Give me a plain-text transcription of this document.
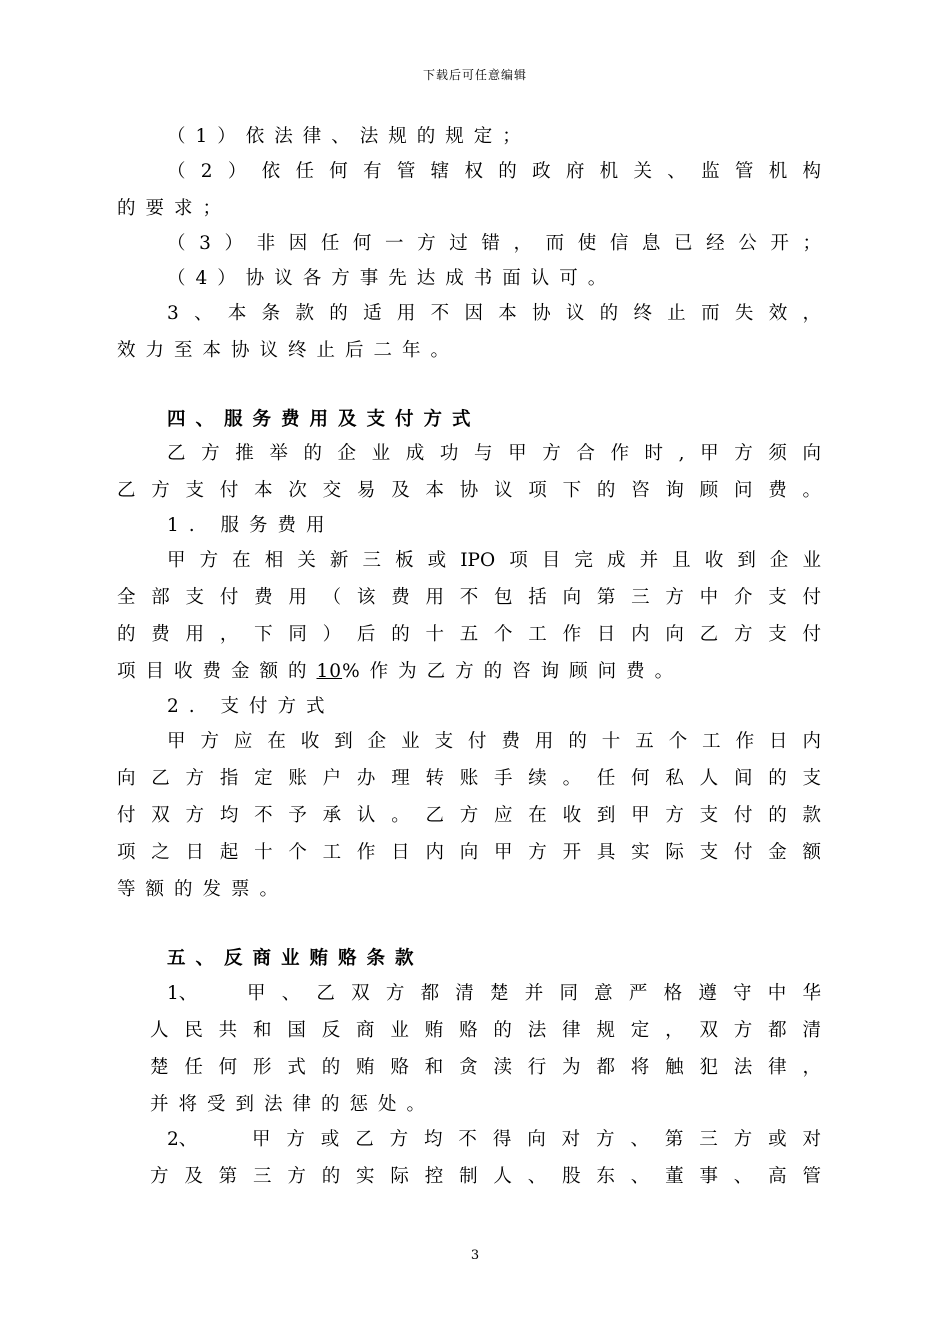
下载后可任意编辑
（1）依法律、法规的规定；
（2）依任何有管辖权的政府机关、监管机构
的要求；
（3）非因任何一方过错，而使信息已经公开；
（4）协议各方事先达成书面认可。
3、本条款的适用不因本协议的终止而失效，
效力至本协议终止后二年。
四、服务费用及支付方式
乙方推举的企业成功与甲方合作时,甲方须向
乙方支付本次交易及本协议项下的咨询顾问费。
1. 服务费用
甲方在相关新三板或IPO项目完成并且收到企业
全部支付费用（该费用不包括向第三方中介支付
的费用，下同）后的十五个工作日内向乙方支付
项目收费金额的10%作为乙方的咨询顾问费。
2. 支付方式
甲方应在收到企业支付费用的十五个工作日内
向乙方指定账户办理转账手续。任何私人间的支
付双方均不予承认。乙方应在收到甲方支付的款
项之日起十个工作日内向甲方开具实际支付金额
等额的发票。
五、反商业贿赂条款
1、	甲、乙双方都清楚并同意严格遵守中华
人民共和国反商业贿赂的法律规定，双方都清
楚任何形式的贿赂和贪渎行为都将触犯法律，
并将受到法律的惩处。
2、	甲方或乙方均不得向对方、第三方或对
方及第三方的实际控制人、股东、董事、高管
3
